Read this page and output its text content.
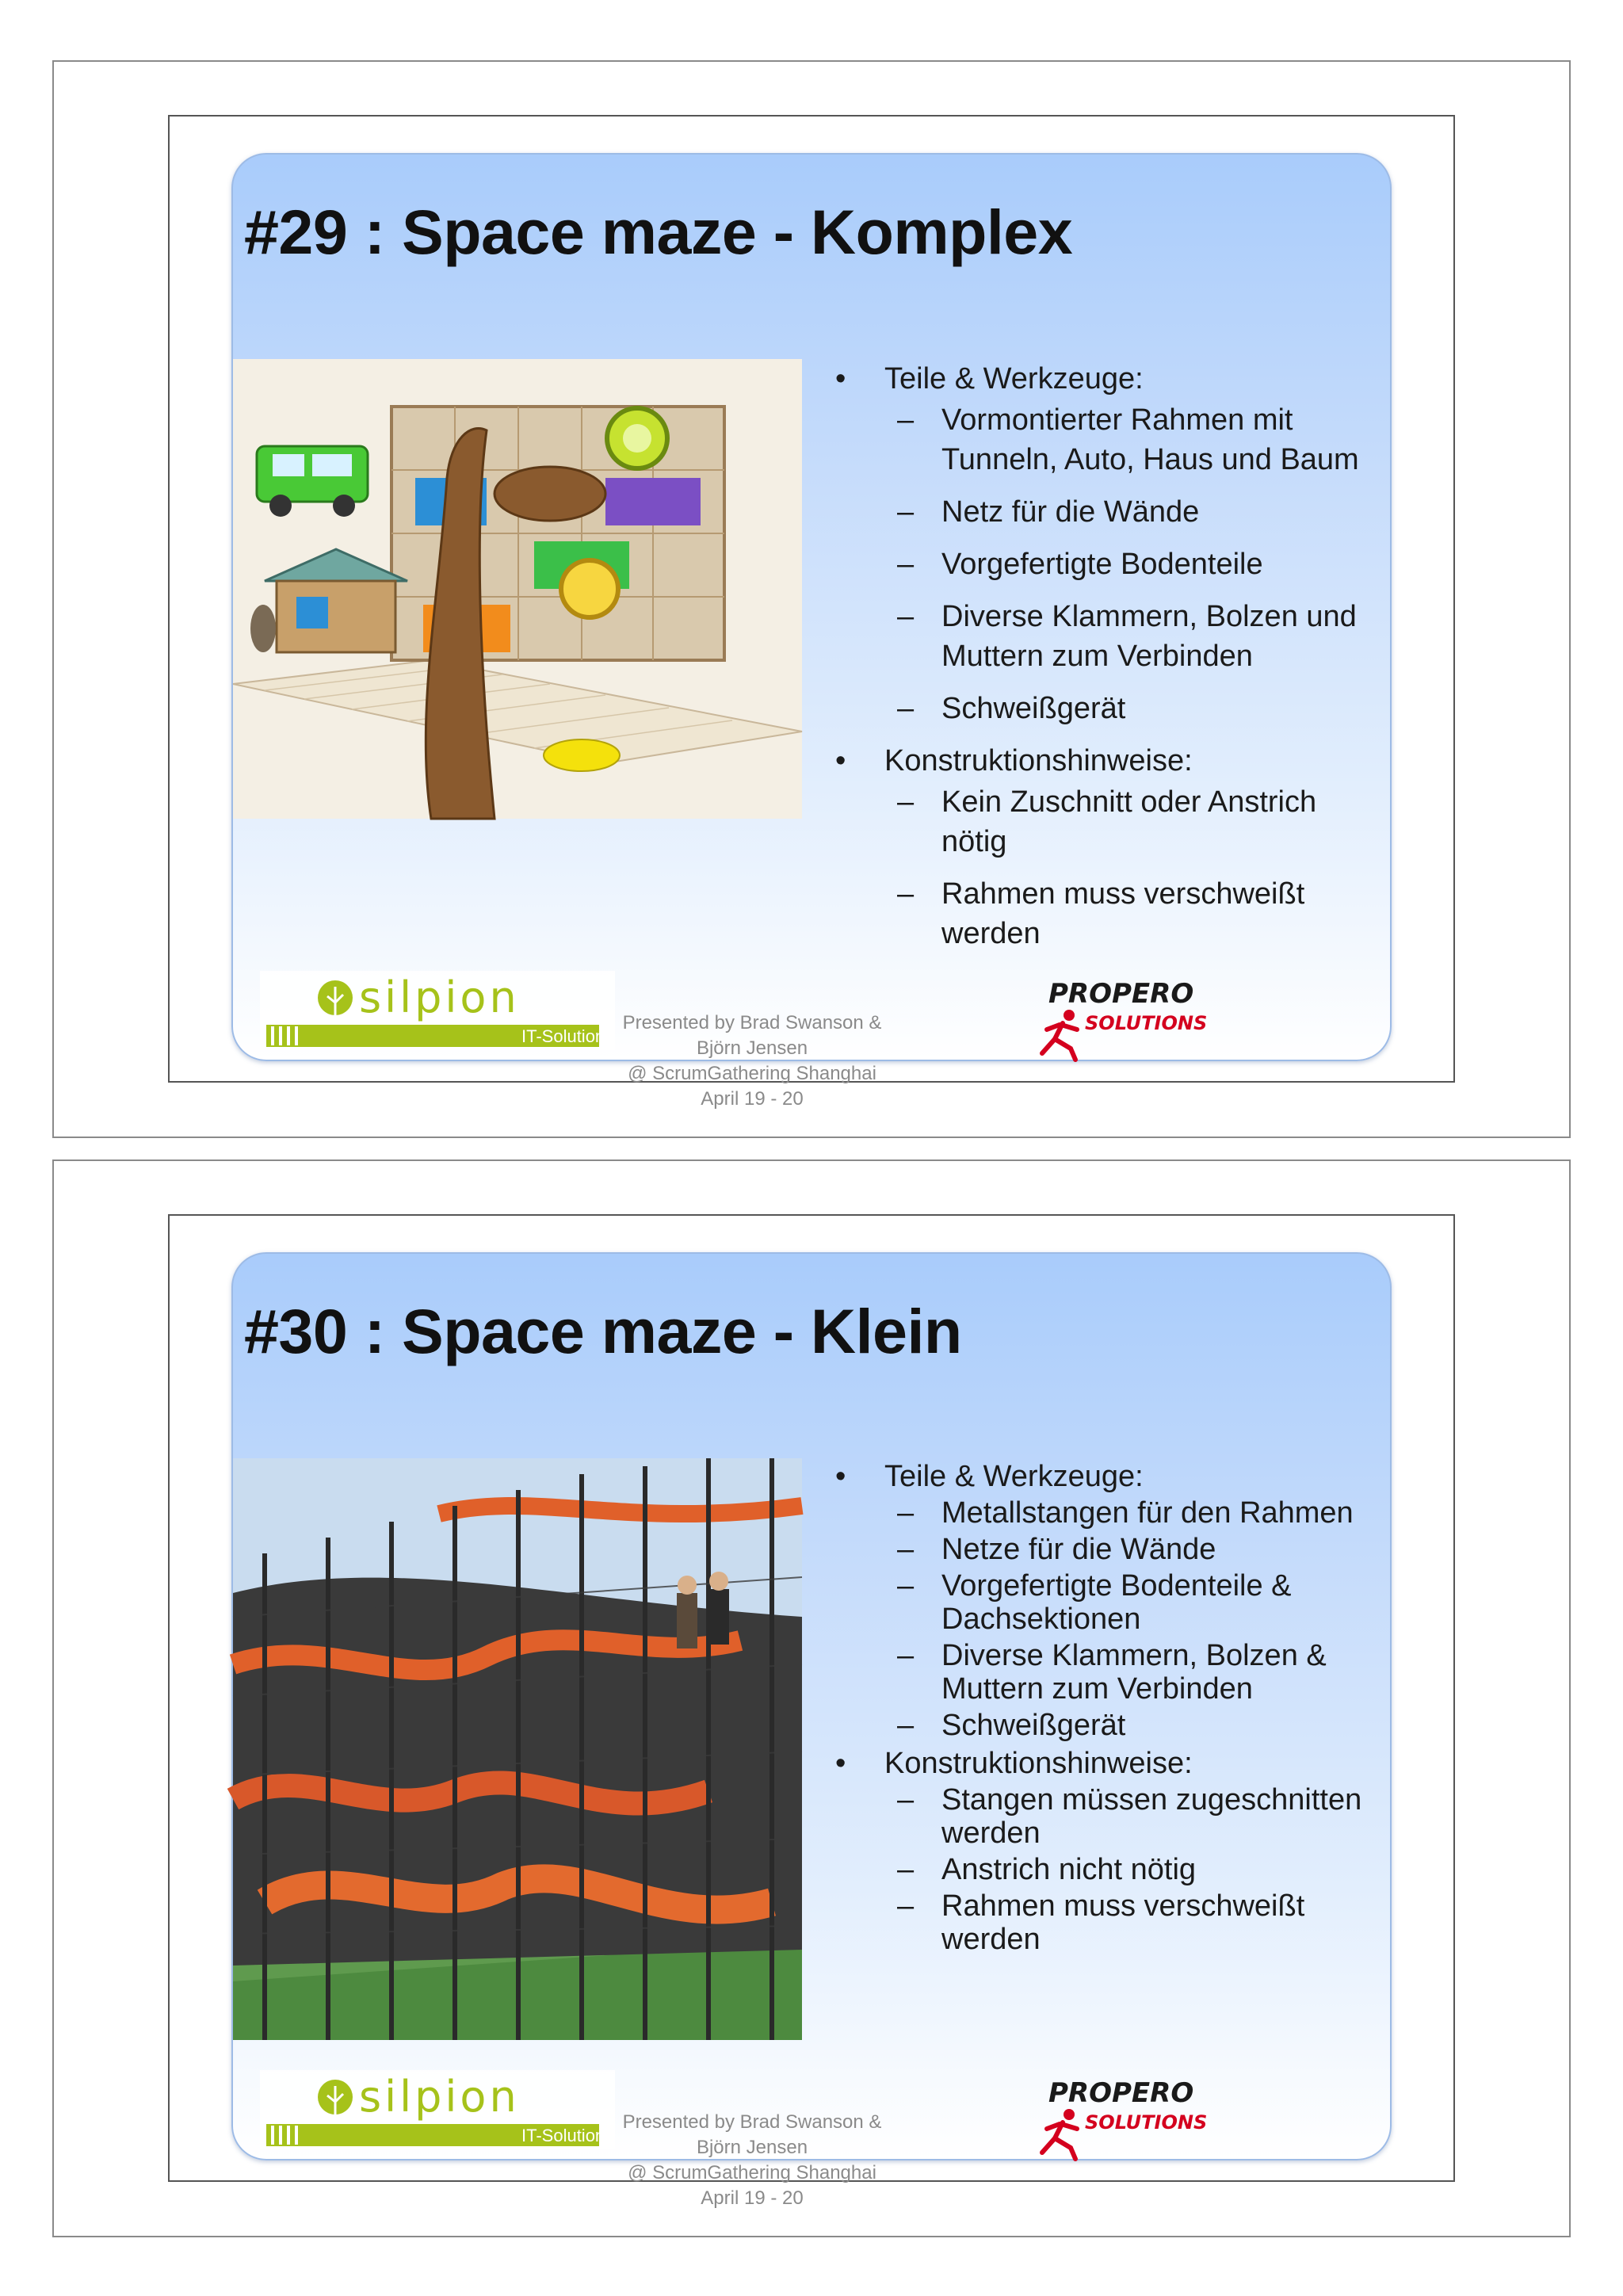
#29 : Space maze - Komplex
• Teile & Werkzeuge:
– Vormontierter Rahmen mit Tunneln, Auto, Haus und Baum
– Netz für die Wände
– Vorgefertigte Bodenteile
– Diverse Klammern, Bolzen und Muttern zum Verbinden
– Schweißgerät
• Konstruktionshinweise:
– Kein Zuschnitt oder Anstrich nötig
– Rahmen muss verschweißt werden
silpion
IT-Solutions
Presented by Brad Swanson & Björn Jensen
@ ScrumGathering Shanghai April 19 - 20
PROPERO
SOLUTIONS
#30 : Space maze - Klein
• Teile & Werkzeuge:
– Metallstangen für den Rahmen
– Netze für die Wände
– Vorgefertigte Bodenteile & Dachsektionen
– Diverse Klammern, Bolzen & Muttern zum Verbinden
– Schweißgerät
• Konstruktionshinweise:
– Stangen müssen zugeschnitten werden
– Anstrich nicht nötig
– Rahmen muss verschweißt werden
silpion
IT-Solutions
Presented by Brad Swanson & Björn Jensen
@ ScrumGathering Shanghai April 19 - 20
PROPERO
SOLUTIONS
